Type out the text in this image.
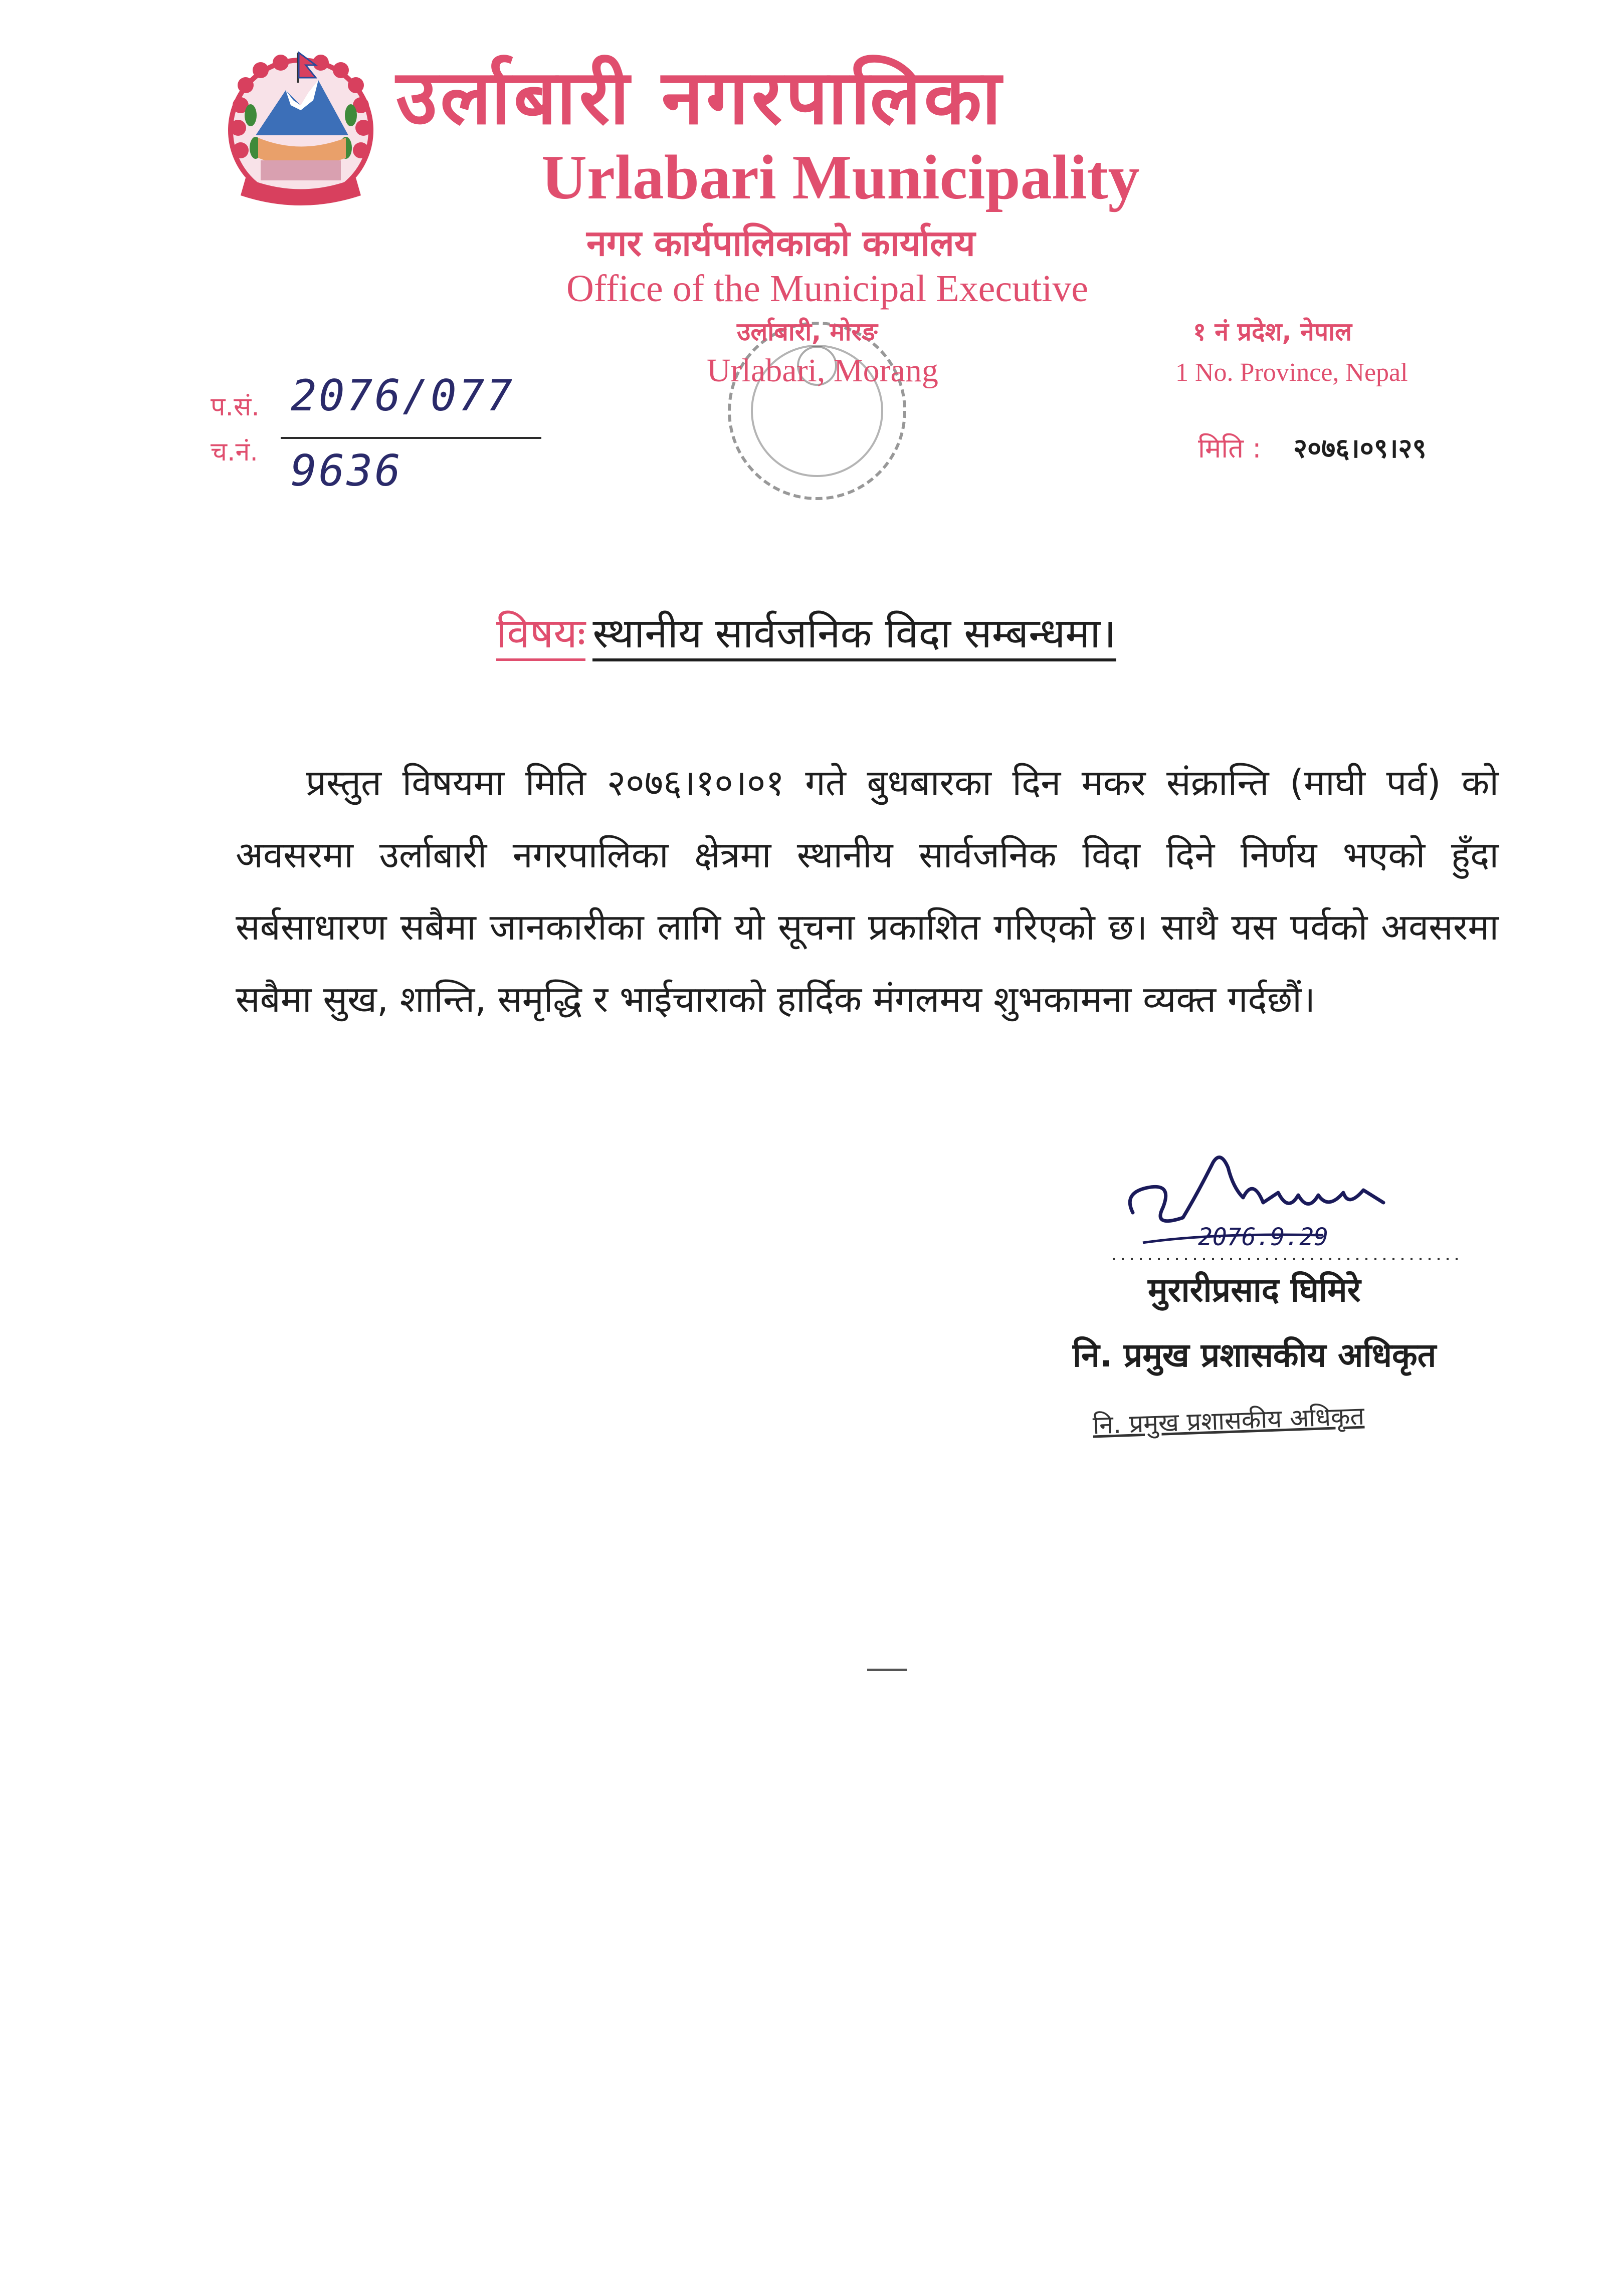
उर्लाबारी नगरपालिका
Urlabari Municipality
नगर कार्यपालिकाको कार्यालय
Office of the Municipal Executive
उर्लाबारी, मोरङ
Urlabari, Morang
१ नं प्रदेश, नेपाल
1 No. Province, Nepal
प.सं. 2076/077
च.नं. 9636	मिति : २०७६।०९।२९
विषयः स्थानीय सार्वजनिक विदा सम्बन्धमा।
प्रस्तुत विषयमा मिति २०७६।१०।०१ गते बुधबारका दिन मकर संक्रान्ति (माघी पर्व) को अवसरमा उर्लाबारी नगरपालिका क्षेत्रमा स्थानीय सार्वजनिक विदा दिने निर्णय भएको हुँदा सर्बसाधारण सबैमा जानकारीका लागि यो सूचना प्रकाशित गरिएको छ। साथै यस पर्वको अवसरमा सबैमा सुख, शान्ति, समृद्धि र भाईचाराको हार्दिक मंगलमय शुभकामना व्यक्त गर्दछौं।
2076.9.29
मुरारीप्रसाद घिमिरे
नि. प्रमुख प्रशासकीय अधिकृत
नि. प्रमुख प्रशासकीय अधिकृत
